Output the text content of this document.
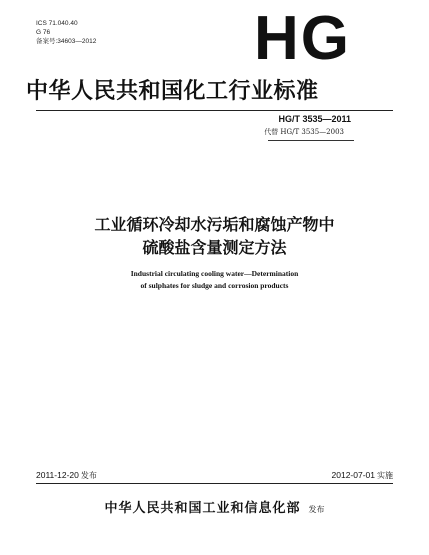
ICS 71.040.40
G 76
备案号:34603—2012	HG
中华人民共和国化工行业标准
HG/T 3535—2011
代替 HG/T 3535—2003
工业循环冷却水污垢和腐蚀产物中
硫酸盐含量测定方法
Industrial circulating cooling water—Determination
of sulphates for sludge and corrosion products
2011-12-20 发布	2012-07-01 实施
中华人民共和国工业和信息化部 发布
